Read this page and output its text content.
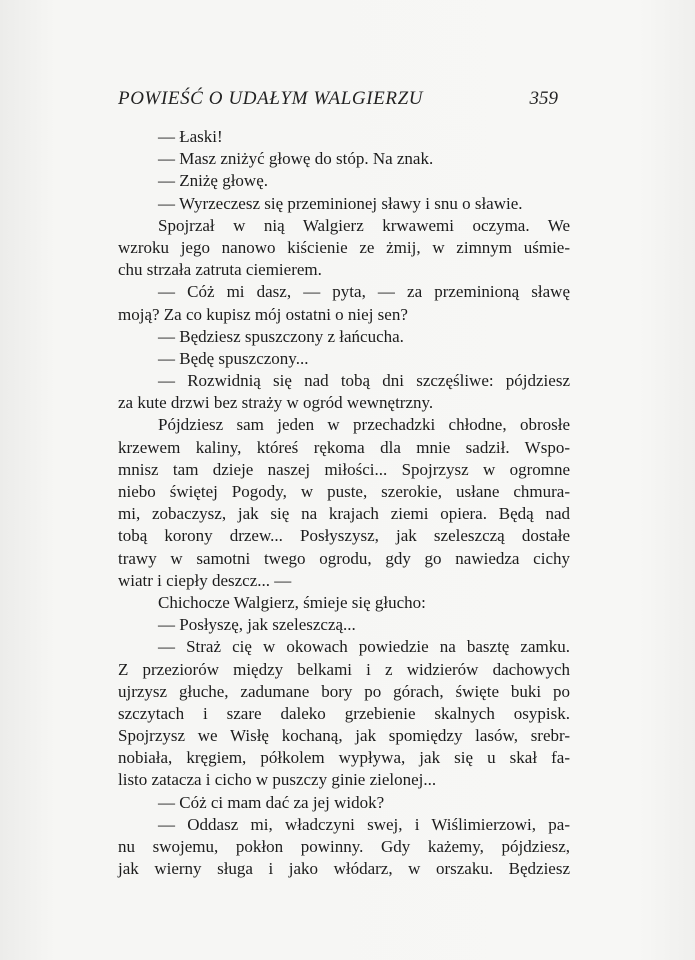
POWIEŚĆ O UDAŁYM WALGIERZU	359
— Łaski!
— Masz zniżyć głowę do stóp. Na znak.
— Zniżę głowę.
— Wyrzeczesz się przeminionej sławy i snu o sławie.
Spojrzał w nią Walgierz krwawemi oczyma. We
wzroku jego nanowo kiścienie ze żmij, w zimnym uśmie-
chu strzała zatruta ciemierem.
— Cóż mi dasz, — pyta, — za przeminioną sławę
moją? Za co kupisz mój ostatni o niej sen?
— Będziesz spuszczony z łańcucha.
— Będę spuszczony...
— Rozwidnią się nad tobą dni szczęśliwe: pójdziesz
za kute drzwi bez straży w ogród wewnętrzny.
Pójdziesz sam jeden w przechadzki chłodne, obrosłe
krzewem kaliny, któreś rękoma dla mnie sadził. Wspo-
mnisz tam dzieje naszej miłości... Spojrzysz w ogromne
niebo świętej Pogody, w puste, szerokie, usłane chmura-
mi, zobaczysz, jak się na krajach ziemi opiera. Będą nad
tobą korony drzew... Posłyszysz, jak szeleszczą dostałe
trawy w samotni twego ogrodu, gdy go nawiedza cichy
wiatr i ciepły deszcz... —
Chichocze Walgierz, śmieje się głucho:
— Posłyszę, jak szeleszczą...
— Straż cię w okowach powiedzie na basztę zamku.
Z przeziorów między belkami i z widzierów dachowych
ujrzysz głuche, zadumane bory po górach, święte buki po
szczytach i szare daleko grzebienie skalnych osypisk.
Spojrzysz we Wisłę kochaną, jak spomiędzy lasów, srebr-
nobiała, kręgiem, półkolem wypływa, jak się u skał fa-
listo zatacza i cicho w puszczy ginie zielonej...
— Cóż ci mam dać za jej widok?
— Oddasz mi, władczyni swej, i Wiślimierzowi, pa-
nu swojemu, pokłon powinny. Gdy każemy, pójdziesz,
jak wierny sługa i jako włódarz, w orszaku. Będziesz
